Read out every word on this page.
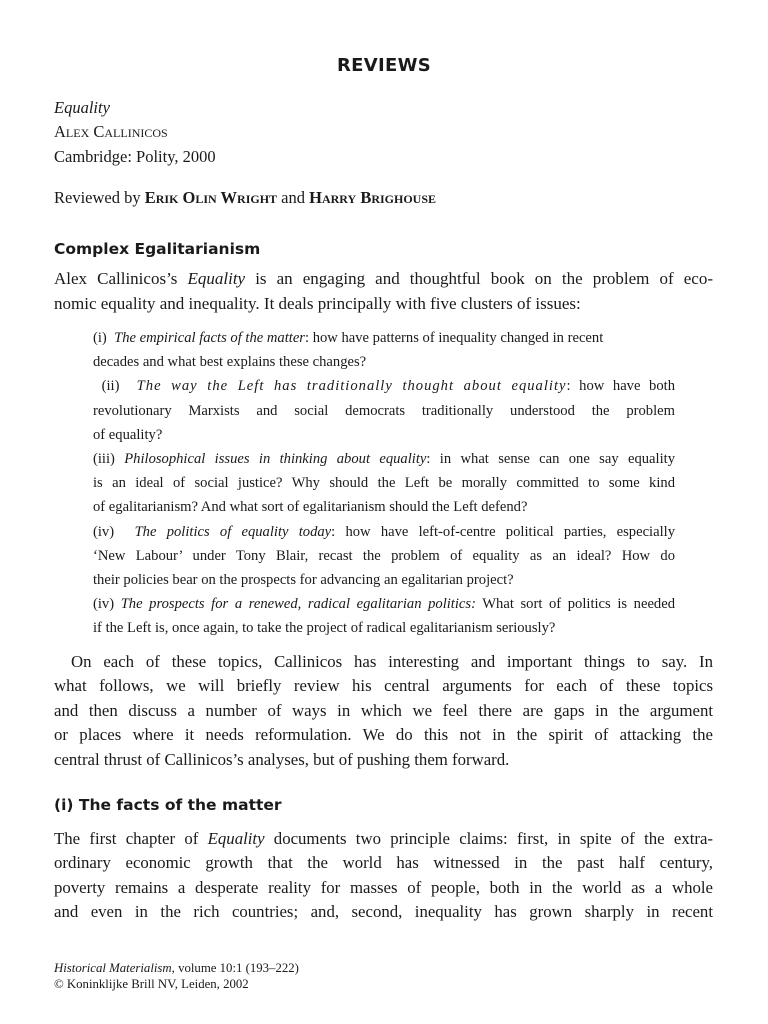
REVIEWS
Equality
Alex Callinicos
Cambridge: Polity, 2000
Reviewed by Erik Olin Wright and Harry Brighouse
Complex Egalitarianism
Alex Callinicos’s Equality is an engaging and thoughtful book on the problem of eco-
nomic equality and inequality. It deals principally with five clusters of issues:
(i) The empirical facts of the matter: how have patterns of inequality changed in recent
decades and what best explains these changes?
(ii) The way the Left has traditionally thought about equality: how have both
revolutionary Marxists and social democrats traditionally understood the problem
of equality?
(iii) Philosophical issues in thinking about equality: in what sense can one say equality
is an ideal of social justice? Why should the Left be morally committed to some kind
of egalitarianism? And what sort of egalitarianism should the Left defend?
(iv) The politics of equality today: how have left-of-centre political parties, especially
‘New Labour’ under Tony Blair, recast the problem of equality as an ideal? How do
their policies bear on the prospects for advancing an egalitarian project?
(iv) The prospects for a renewed, radical egalitarian politics: What sort of politics is needed
if the Left is, once again, to take the project of radical egalitarianism seriously?
On each of these topics, Callinicos has interesting and important things to say. In
what follows, we will briefly review his central arguments for each of these topics
and then discuss a number of ways in which we feel there are gaps in the argument
or places where it needs reformulation. We do this not in the spirit of attacking the
central thrust of Callinicos’s analyses, but of pushing them forward.
(i) The facts of the matter
The first chapter of Equality documents two principle claims: first, in spite of the extra-
ordinary economic growth that the world has witnessed in the past half century,
poverty remains a desperate reality for masses of people, both in the world as a whole
and even in the rich countries; and, second, inequality has grown sharply in recent
Historical Materialism, volume 10:1 (193–222)
© Koninklijke Brill NV, Leiden, 2002
